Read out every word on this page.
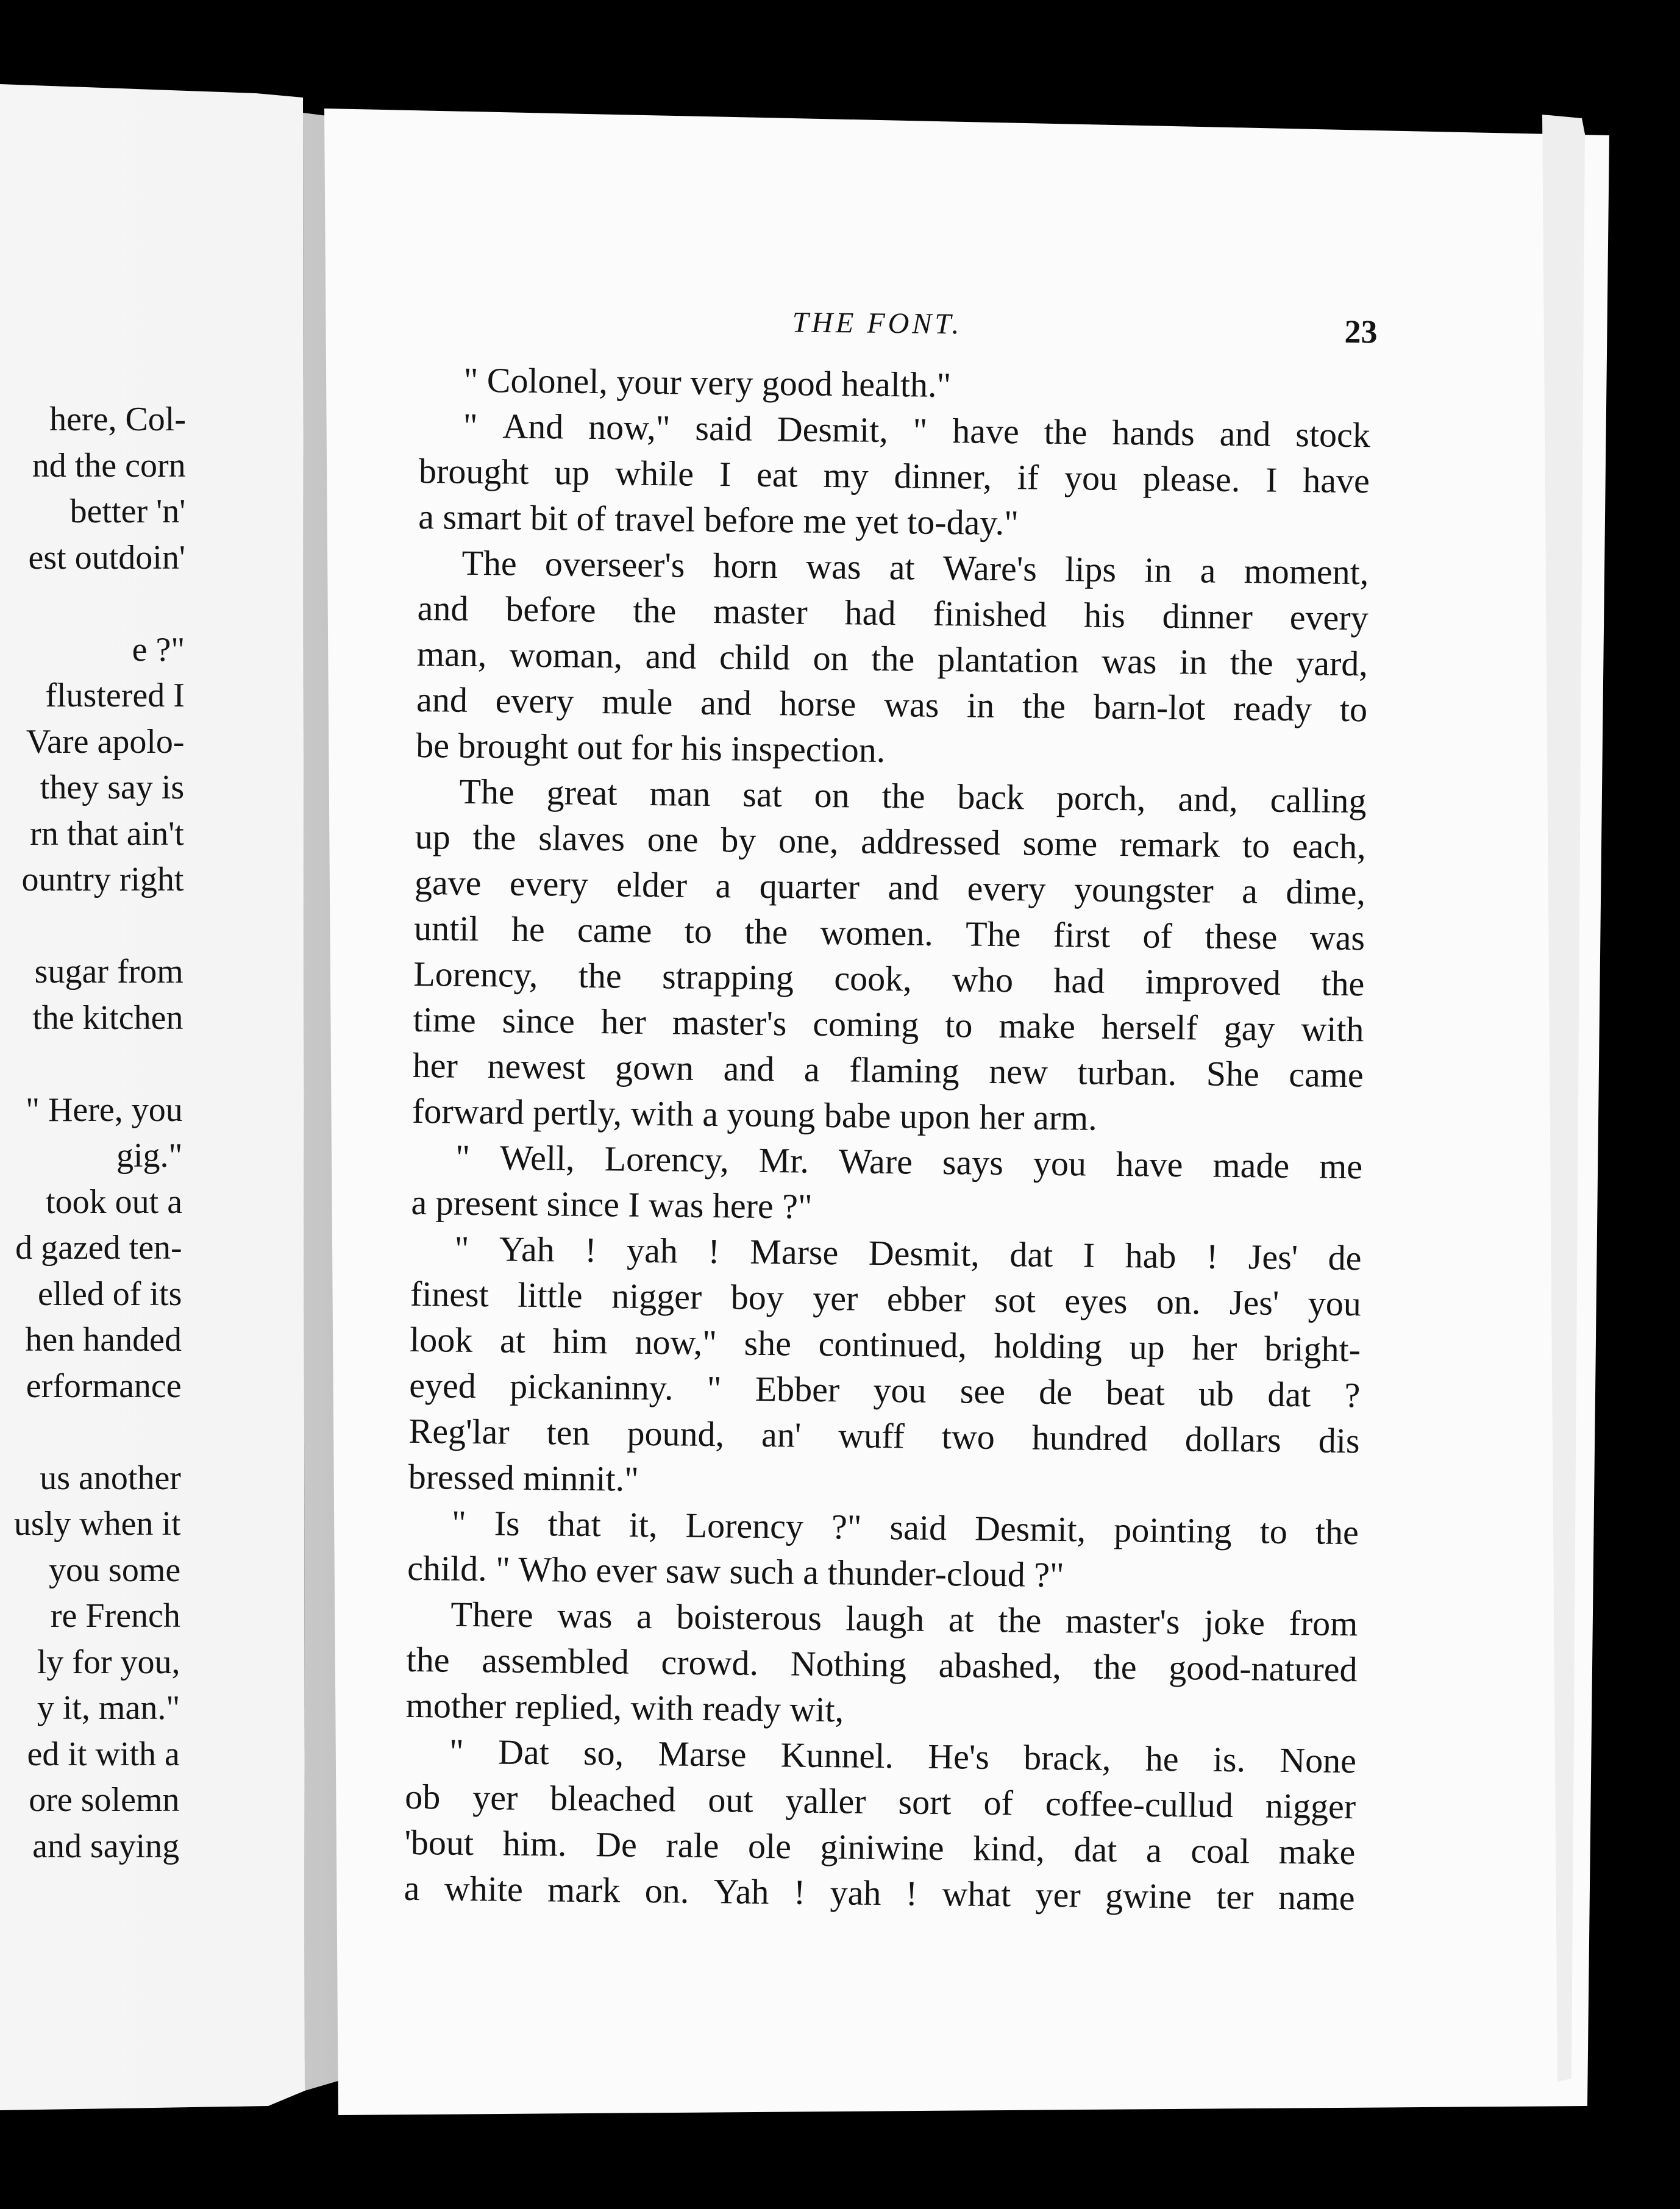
here, Col-
nd the corn
better 'n'
est outdoin'
e ?"
flustered I
Vare apolo-
they say is
rn that ain't
ountry right
sugar from
the kitchen
" Here, you
gig."
took out a
d gazed ten-
elled of its
hen handed
erformance
us another
usly when it
you some
re French
ly for you,
y it, man."
ed it with a
ore solemn
and saying
THE FONT.	23
" Colonel, your very good health."
" And now," said Desmit, " have the hands and stock
brought up while I eat my dinner, if you please. I have
a smart bit of travel before me yet to-day."
The overseer's horn was at Ware's lips in a moment,
and before the master had finished his dinner every
man, woman, and child on the plantation was in the yard,
and every mule and horse was in the barn-lot ready to
be brought out for his inspection.
The great man sat on the back porch, and, calling
up the slaves one by one, addressed some remark to each,
gave every elder a quarter and every youngster a dime,
until he came to the women. The first of these was
Lorency, the strapping cook, who had improved the
time since her master's coming to make herself gay with
her newest gown and a flaming new turban. She came
forward pertly, with a young babe upon her arm.
" Well, Lorency, Mr. Ware says you have made me
a present since I was here ?"
" Yah ! yah ! Marse Desmit, dat I hab ! Jes' de
finest little nigger boy yer ebber sot eyes on. Jes' you
look at him now," she continued, holding up her bright-
eyed pickaninny. " Ebber you see de beat ub dat ?
Reg'lar ten pound, an' wuff two hundred dollars dis
bressed minnit."
" Is that it, Lorency ?" said Desmit, pointing to the
child. " Who ever saw such a thunder-cloud ?"
There was a boisterous laugh at the master's joke from
the assembled crowd. Nothing abashed, the good-natured
mother replied, with ready wit,
" Dat so, Marse Kunnel. He's brack, he is. None
ob yer bleached out yaller sort of coffee-cullud nigger
'bout him. De rale ole giniwine kind, dat a coal make
a white mark on. Yah ! yah ! what yer gwine ter name
